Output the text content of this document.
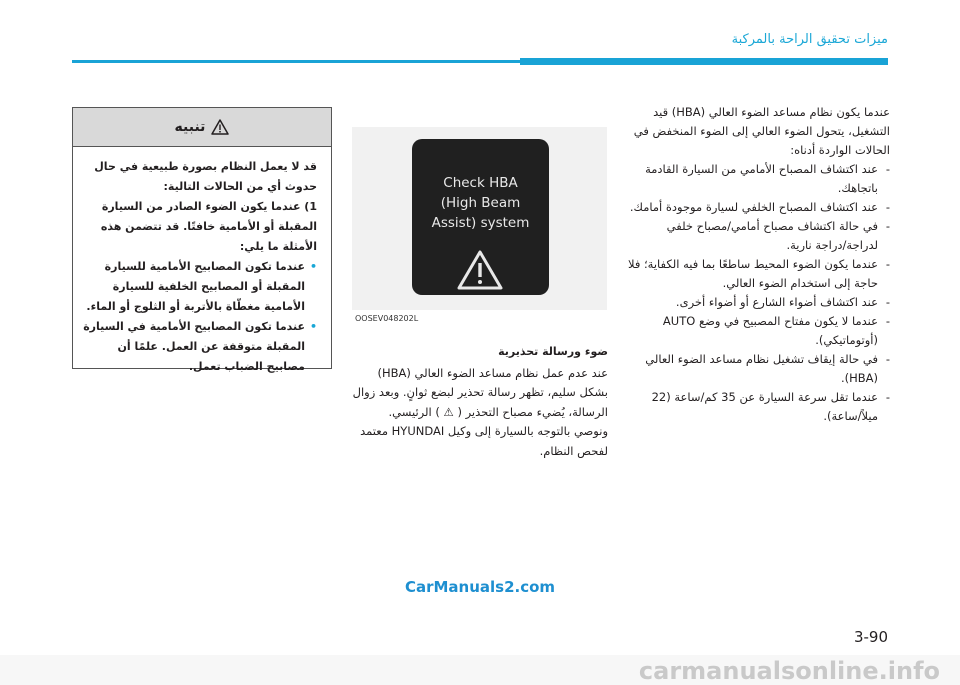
ميزات تحقيق الراحة بالمركبة

عندما يكون نظام مساعد الضوء العالي (HBA) قيد التشغيل، يتحول الضوء العالي إلى الضوء المنخفض في الحالات الواردة أدناه:

- عند اكتشاف المصباح الأمامي من السيارة القادمة باتجاهك.
- عند اكتشاف المصباح الخلفي لسيارة موجودة أمامك.
- في حالة اكتشاف مصباح أمامي/مصباح خلفي لدراجة/دراجة نارية.
- عندما يكون الضوء المحيط ساطعًا بما فيه الكفاية؛ فلا حاجة إلى استخدام الضوء العالي.
- عند اكتشاف أضواء الشارع أو أضواء أخرى.
- عندما لا يكون مفتاح المصبيح في وضع AUTO (أوتوماتيكي).
- في حالة إيقاف تشغيل نظام مساعد الضوء العالي (HBA).
- عندما تقل سرعة السيارة عن 35 كم/ساعة (22 ميلاً/ساعة).
Check HBA
(High Beam
Assist) system
OOSEV048202L
ضوء ورسالة تحذيرية
عند عدم عمل نظام مساعد الضوء العالي (HBA) بشكل سليم، تظهر رسالة تحذير لبضع ثوانٍ. وبعد زوال الرسالة، يُضيء مصباح التحذير ( ⚠ ) الرئيسي. ونوصي بالتوجه بالسيارة إلى وكيل HYUNDAI معتمد لفحص النظام.
تنبيه

قد لا يعمل النظام بصورة طبيعية في حال حدوث أي من الحالات التالية:

1) عندما يكون الضوء الصادر من السيارة المقبلة أو الأمامية خافتًا. قد تتضمن هذه الأمثلة ما يلي:

• عندما تكون المصابيح الأمامية للسيارة المقبلة أو المصابيح الخلفية للسيارة الأمامية مغطّاة بالأتربة أو الثلوج أو الماء.

• عندما تكون المصابيح الأمامية في السيارة المقبلة متوقفة عن العمل. علمًا أن مصابيح الضباب تعمل.

CarManuals2.com
3-90
carmanualsonline.info
